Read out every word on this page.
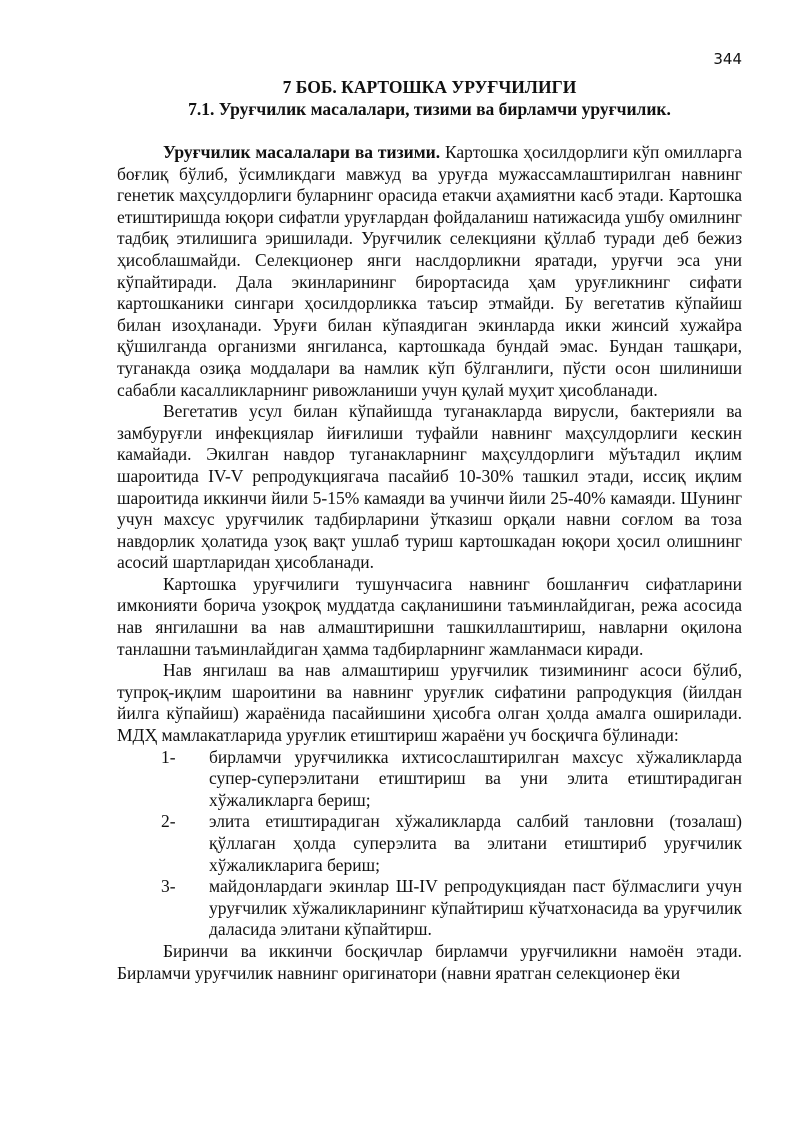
344
7 БОБ. КАРТОШКА УРУҒЧИЛИГИ
7.1. Уруғчилик масалалари, тизими ва бирламчи уруғчилик.

Уруғчилик масалалари ва тизими. Картошка ҳосилдорлиги кўп омилларга боғлиқ бўлиб, ўсимликдаги мавжуд ва уруғда мужассамлаштирилган навнинг генетик маҳсулдорлиги буларнинг орасида етакчи аҳамиятни касб этади. Картошка етиштиришда юқори сифатли уруғлардан фойдаланиш натижасида ушбу омилнинг тадбиқ этилишига эришилади. Уруғчилик селекцияни қўллаб туради деб бежиз ҳисоблашмайди. Селекционер янги наслдорликни яратади, уруғчи эса уни кўпайтиради. Дала экинларининг бирортасида ҳам уруғликнинг сифати картошканики сингари ҳосилдорликка таъсир этмайди. Бу вегетатив кўпайиш билан изоҳланади. Уруғи билан кўпаядиган экинларда икки жинсий хужайра қўшилганда организми янгиланса, картошкада бундай эмас. Бундан ташқари, туганакда озиқа моддалари ва намлик кўп бўлганлиги, пўсти осон шилиниши сабабли касалликларнинг ривожланиши учун қулай муҳит ҳисобланади.

Вегетатив усул билан кўпайишда туганакларда вирусли, бактерияли ва замбуруғли инфекциялар йиғилиши туфайли навнинг маҳсулдорлиги кескин камайади. Экилган навдор туганакларнинг маҳсулдорлиги мўътадил иқлим шароитида IV-V репродукциягача пасайиб 10-30% ташкил этади, иссиқ иқлим шароитида иккинчи йили 5-15% камаяди ва учинчи йили 25-40% камаяди. Шунинг учун махсус уруғчилик тадбирларини ўтказиш орқали навни соғлом ва тоза навдорлик ҳолатида узоқ вақт ушлаб туриш картошкадан юқори ҳосил олишнинг асосий шартларидан ҳисобланади.

Картошка уруғчилиги тушунчасига навнинг бошланғич сифатларини имконияти борича узоқроқ муддатда сақланишини таъминлайдиган, режа асосида нав янгилашни ва нав алмаштиришни ташкиллаштириш, навларни оқилона танлашни таъминлайдиган ҳамма тадбирларнинг жамланмаси киради.

Нав янгилаш ва нав алмаштириш уруғчилик тизимининг асоси бўлиб, тупроқ-иқлим шароитини ва навнинг уруғлик сифатини рапродукция (йилдан йилга кўпайиш) жараёнида пасайишини ҳисобга олган ҳолда амалга оширилади. МДҲ мамлакатларида уруғлик етиштириш жараёни уч босқичга бўлинади:

1- бирламчи уруғчиликка ихтисослаштирилган махсус хўжаликларда супер-суперэлитани етиштириш ва уни элита етиштирадиган хўжаликларга бериш;
2- элита етиштирадиган хўжаликларда салбий танловни (тозалаш) қўллаган ҳолда суперэлита ва элитани етиштириб уруғчилик хўжаликларига бериш;
3- майдонлардаги экинлар Ш-IV репродукциядан паст бўлмаслиги учун уруғчилик хўжаликларининг кўпайтириш кўчатхонасида ва уруғчилик даласида элитани кўпайтирш.

Биринчи ва иккинчи босқичлар бирламчи уруғчиликни намоён этади. Бирламчи уруғчилик навнинг оригинатори (навни яратган селекционер ёки
